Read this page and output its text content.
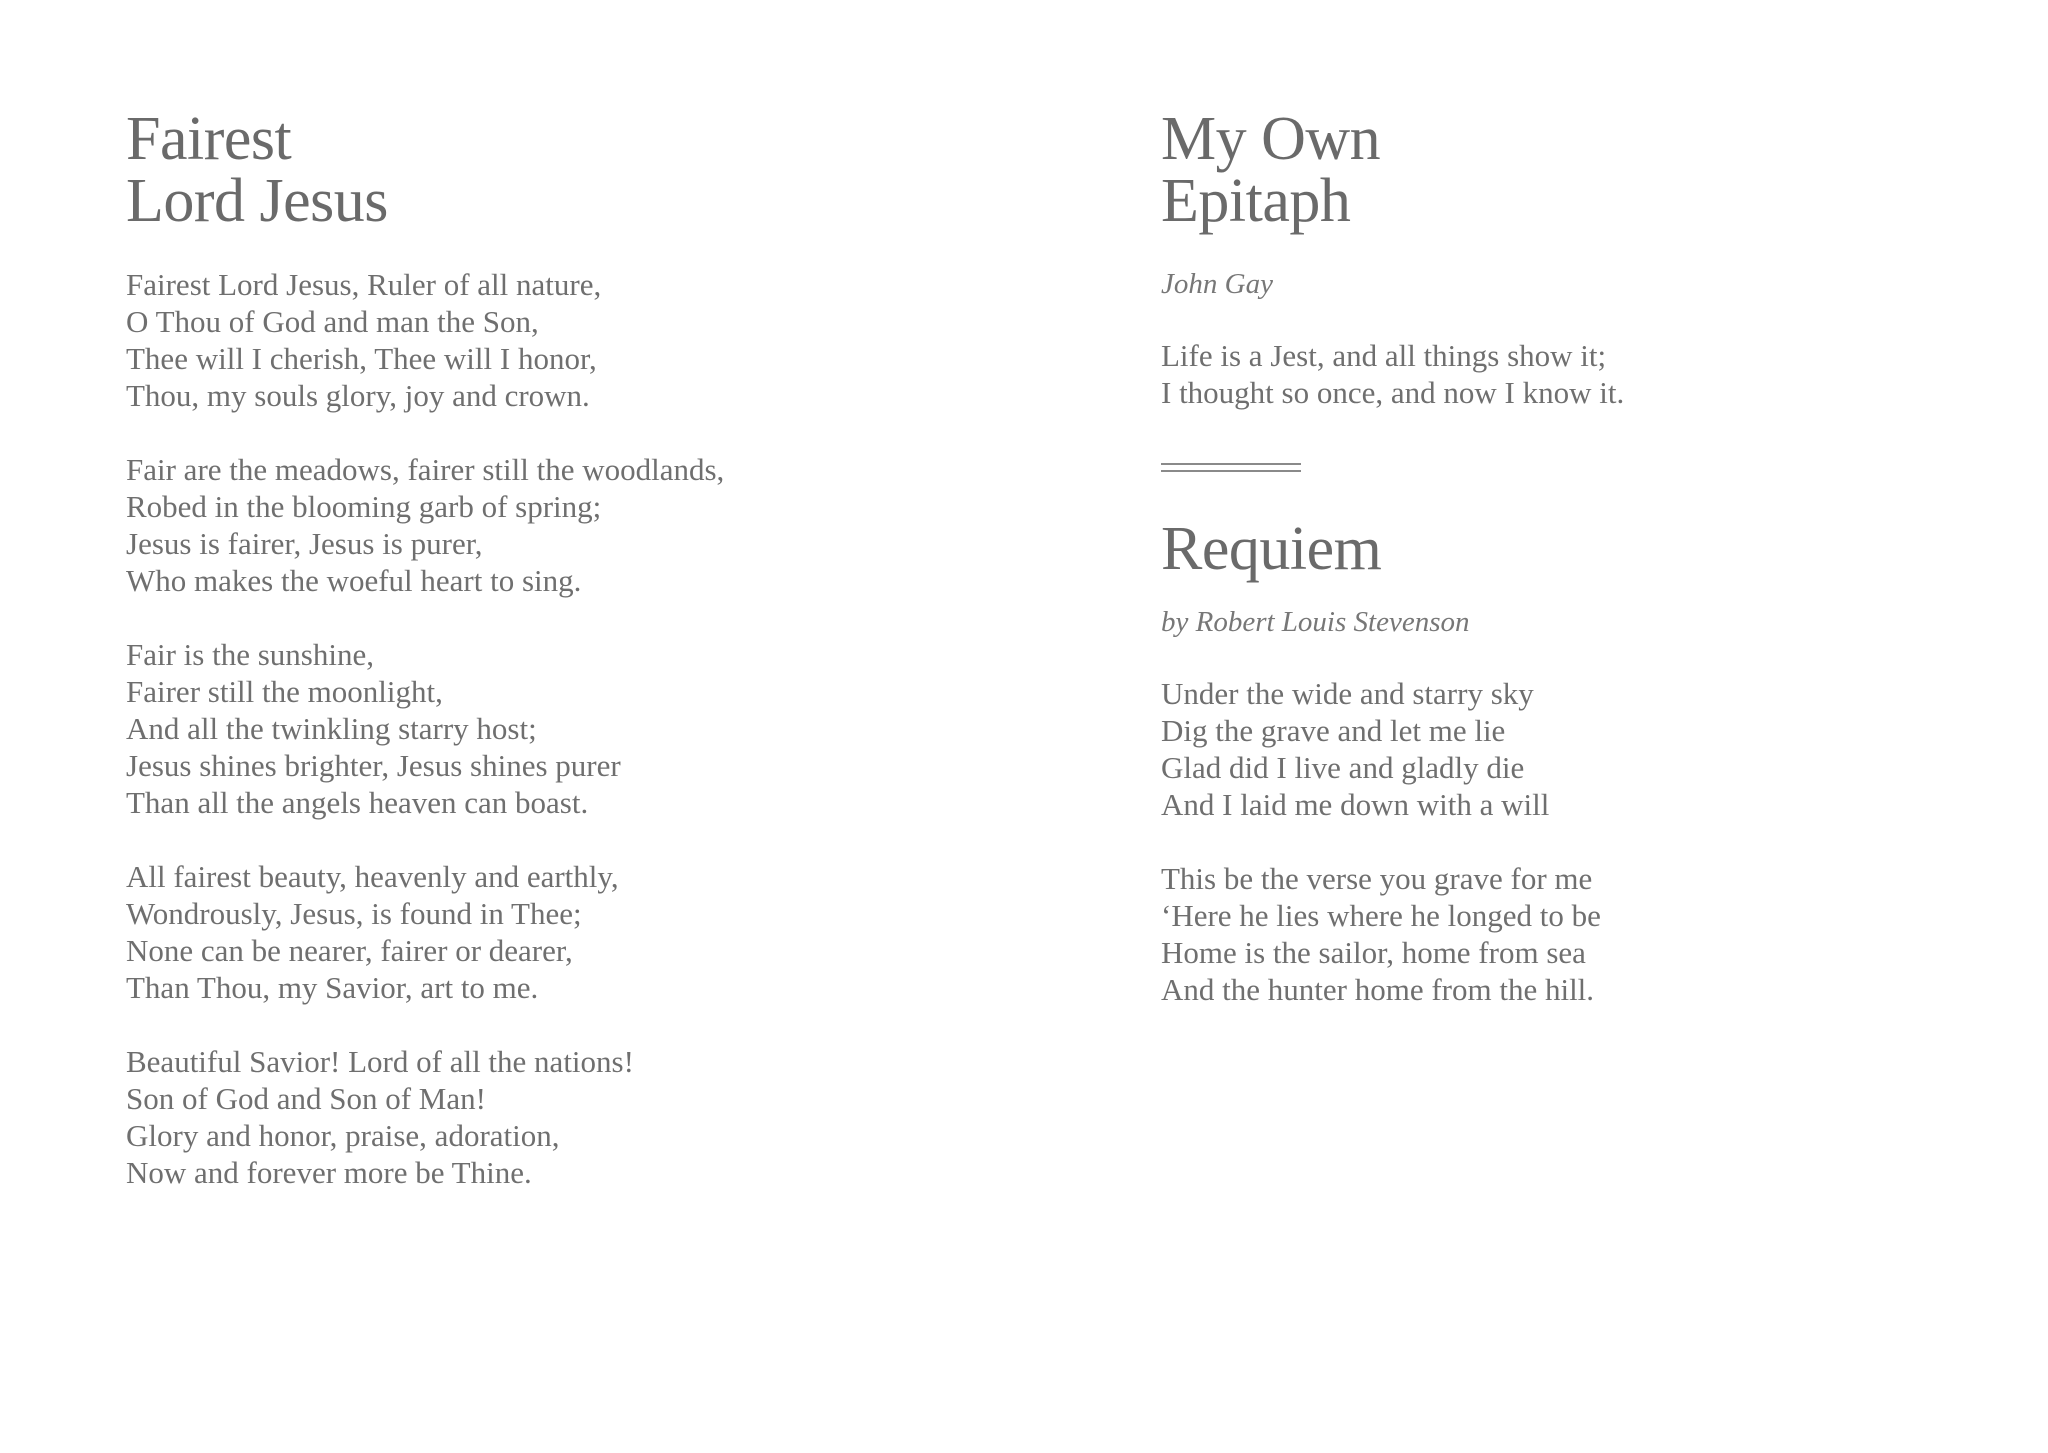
Fairest
Lord Jesus

Fairest Lord Jesus, Ruler of all nature,
O Thou of God and man the Son,
Thee will I cherish, Thee will I honor,
Thou, my souls glory, joy and crown.

Fair are the meadows, fairer still the woodlands,
Robed in the blooming garb of spring;
Jesus is fairer, Jesus is purer,
Who makes the woeful heart to sing.

Fair is the sunshine,
Fairer still the moonlight,
And all the twinkling starry host;
Jesus shines brighter, Jesus shines purer
Than all the angels heaven can boast.

All fairest beauty, heavenly and earthly,
Wondrously, Jesus, is found in Thee;
None can be nearer, fairer or dearer,
Than Thou, my Savior, art to me.

Beautiful Savior! Lord of all the nations!
Son of God and Son of Man!
Glory and honor, praise, adoration,
Now and forever more be Thine.

My Own
Epitaph

John Gay

Life is a Jest, and all things show it;
I thought so once, and now I know it.

Requiem

by Robert Louis Stevenson

Under the wide and starry sky
Dig the grave and let me lie
Glad did I live and gladly die
And I laid me down with a will

This be the verse you grave for me
‘Here he lies where he longed to be
Home is the sailor, home from sea
And the hunter home from the hill.
